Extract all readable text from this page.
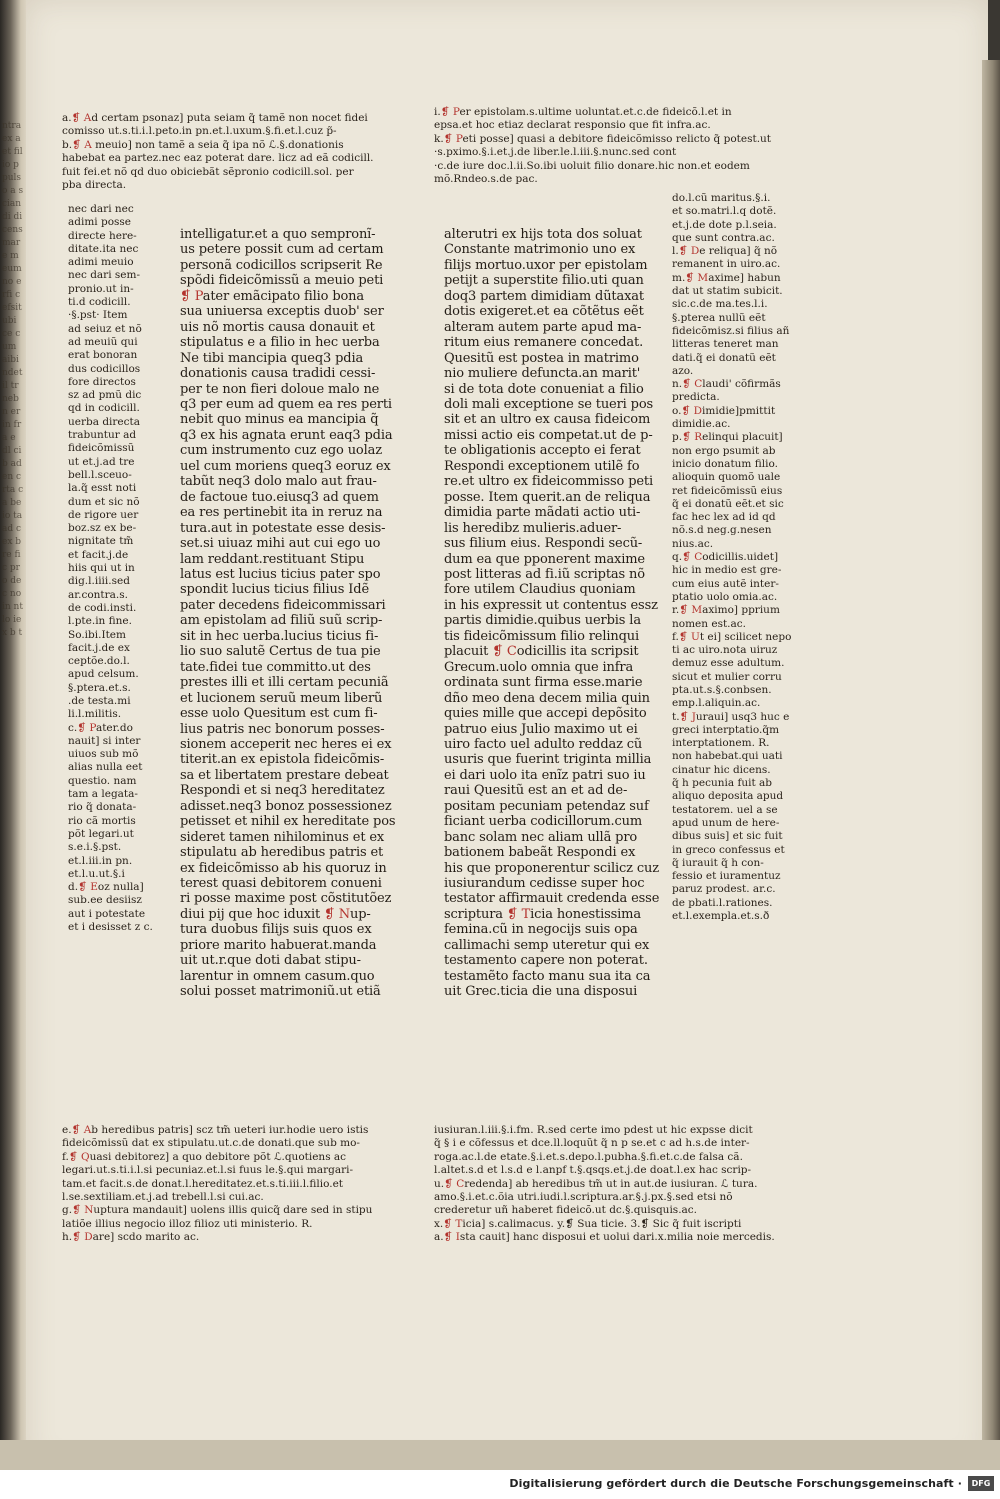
ntra ex aet filio ppulso a sciandi dicens mare meum no erfi cefsit ubi ce cum aibi ndetil tr neb n er in fr a e dl ci b ad en c rta ca be io ta ad c ex b re fic pro de c no in nt lo iex b t
a.❡ Ad certam psonaz] puta seiam q̃ tamẽ non nocet fidei
comisso ut.s.ti.i.l.peto.in pn.et.l.uxum.§.fi.et.l.cuz p̃-
b.❡ A meuio] non tamẽ a seia q̃ ipa nõ ℒ.§.donationis
habebat ea partez.nec eaz poterat dare. licz ad eã codicill.
fuit fei.et nõ qd duo obiciebãt sẽpronio codicill.sol. per
pba directa.
nec dari nec
adimi posse
directe here-
ditate.ita nec
adimi meuio
nec dari sem-
pronio.ut in-
ti.d codicill.
·§.pst· Item
ad seiuz et nõ
ad meuiũ qui
erat bonoran
dus codicillos
fore directos
sz ad pmũ dic
qd in codicill.
uerba directa
trabuntur ad
fideicõmissũ
ut et.j.ad tre
bell.l.sceuo-
la.q̃ esst noti
dum et sic nõ
de rigore uer
boz.sz ex be-
nignitate tm̃
et facit.j.de
hiis qui ut in
dig.l.iiii.sed
ar.contra.s.
de codi.insti.
l.pte.in fine.
So.ibi.Item
facit.j.de ex
ceptõe.do.l.
apud celsum.
§.ptera.et.s.
.de testa.mi
li.l.militis.
c.❡ Pater.do
nauit] si inter
uiuos sub mõ
alias nulla eet
questio. nam
tam a legata-
rio q̃ donata-
rio cã mortis
põt legari.ut
s.e.i.§.pst.
et.l.iii.in pn.
et.l.u.ut.§.i
d.❡ Eoz nulla]
sub.ee desiisz
aut i potestate
et i desisset z c.
intelligatur.et a quo sempronĩ-
us petere possit cum ad certam
personã codicillos scripserit Re
spõdi fideicõmissũ a meuio peti
❡ Pater emãcipato filio bona
sua uniuersa exceptis duob' ser
uis nõ mortis causa donauit et
stipulatus e a filio in hec uerba
Ne tibi mancipia queq3 pdia
donationis causa tradidi cessi-
per te non fieri doloue malo ne
q3 per eum ad quem ea res perti
nebit quo minus ea mancipia q̃
q3 ex his agnata erunt eaq3 pdia
cum instrumento cuz ego uolaz
uel cum moriens queq3 eoruz ex
tabũt neq3 dolo malo aut frau-
de factoue tuo.eiusq3 ad quem
ea res pertinebit ita in reruz na
tura.aut in potestate esse desis-
set.si uiuaz mihi aut cui ego uo
lam reddant.restituant Stipu
latus est lucius ticius pater spo
spondit lucius ticius filius Idẽ
pater decedens fideicommissari
am epistolam ad filiũ suũ scrip-
sit in hec uerba.lucius ticius fi-
lio suo salutẽ Certus de tua pie
tate.fidei tue committo.ut des
prestes illi et illi certam pecuniã
et lucionem seruũ meum liberũ
esse uolo Quesitum est cum fi-
lius patris nec bonorum posses-
sionem acceperit nec heres ei ex
titerit.an ex epistola fideicõmis-
sa et libertatem prestare debeat
Respondi et si neq3 hereditatez
adisset.neq3 bonoz possessionez
petisset et nihil ex hereditate pos
sideret tamen nihilominus et ex
stipulatu ab heredibus patris et
ex fideicõmisso ab his quoruz in
terest quasi debitorem conueni
ri posse maxime post cõstitutõez
diui pij que hoc iduxit ❡ Nup-
tura duobus filijs suis quos ex
priore marito habuerat.manda
uit ut.r.que doti dabat stipu-
larentur in omnem casum.quo
solui posset matrimoniũ.ut etiã
alterutri ex hijs tota dos soluat
Constante matrimonio uno ex
filijs mortuo.uxor per epistolam
petijt a superstite filio.uti quan
doq3 partem dimidiam dũtaxat
dotis exigeret.et ea cõtẽtus eẽt
alteram autem parte apud ma-
ritum eius remanere concedat.
Quesitũ est postea in matrimo
nio muliere defuncta.an marit'
si de tota dote conueniat a filio
doli mali exceptione se tueri pos
sit et an ultro ex causa fideicom
missi actio eis competat.ut de p-
te obligationis accepto ei ferat
Respondi exceptionem utilẽ fo
re.et ultro ex fideicommisso peti
posse. Item querit.an de reliqua
dimidia parte mãdati actio uti-
lis heredibz mulieris.aduer-
sus filium eius. Respondi secũ-
dum ea que pponerent maxime
post litteras ad fi.iũ scriptas nõ
fore utilem Claudius quoniam
in his expressit ut contentus essz
partis dimidie.quibus uerbis la
tis fideicõmissum filio relinqui
placuit ❡ Codicillis ita scripsit
Grecum.uolo omnia que infra
ordinata sunt firma esse.marie
dño meo dena decem milia quin
quies mille que accepi depõsito
patruo eius Julio maximo ut ei
uiro facto uel adulto reddaz cũ
usuris que fuerint triginta millia
ei dari uolo ita enĩz patri suo iu
raui Quesitũ est an et ad de-
positam pecuniam petendaz suf
ficiant uerba codicillorum.cum
banc solam nec aliam ullã pro
bationem babeãt Respondi ex
his que proponerentur scilicz cuz
iusiurandum cedisse super hoc
testator affirmauit credenda esse
scriptura ❡ Ticia honestissima
femina.cũ in negocijs suis opa
callimachi semp uteretur qui ex
testamento capere non poterat.
testamẽto facto manu sua ita ca
uit Grec.ticia die una disposui
i.❡ Per epistolam.s.ultime uoluntat.et.c.de fideicõ.l.et in
epsa.et hoc etiaz declarat responsio que fit infra.ac.
k.❡ Peti posse] quasi a debitore fideicõmisso relicto q̃ potest.ut
·s.pximo.§.i.et.j.de liber.le.l.iii.§.nunc.sed cont
·c.de iure doc.l.ii.So.ibi uoluit filio donare.hic non.et eodem
mõ.Rndeo.s.de pac.
do.l.cũ maritus.§.i.
et so.matri.l.q dotẽ.
et.j.de dote p.l.seia.
que sunt contra.ac.
l.❡ De reliqua] q̃ nõ
remanent in uiro.ac.
m.❡ Maxime] habun
dat ut statim subicit.
sic.c.de ma.tes.l.i.
§.pterea nullũ eẽt
fideicõmisz.si filius añ
litteras teneret man
dati.q̃ ei donatũ eẽt
azo.
n.❡ Claudi' cõfirmãs
predicta.
o.❡ Dimidie]pmittit
dimidie.ac.
p.❡ Relinqui placuit]
non ergo psumit ab
inicio donatum filio.
alioquin quomõ uale
ret fideicõmissũ eius
q̃ ei donatũ eẽt.et sic
fac hec lex ad id qd
nõ.s.d neg.g.nesen
nius.ac.
q.❡ Codicillis.uidet]
hic in medio est gre-
cum eius autẽ inter-
ptatio uolo omia.ac.
r.❡ Maximo] pprium
nomen est.ac.
f.❡ Ut ei] scilicet nepo
ti ac uiro.nota uiruz
demuz esse adultum.
sicut et mulier corru
pta.ut.s.§.conbsen.
emp.l.aliquin.ac.
t.❡ Juraui] usq3 huc e
greci interptatio.q̃m
interptationem. R.
non habebat.qui uati
cinatur hic dicens.
q̃ h pecunia fuit ab
aliquo deposita apud
testatorem. uel a se
apud unum de here-
dibus suis] et sic fuit
in greco confessus et
q̃ iurauit q̃ h con-
fessio et iuramentuz
paruz prodest. ar.c.
de pbati.l.rationes.
et.l.exempla.et.s.ð
e.❡ Ab heredibus patris] scz tm̃ ueteri iur.hodie uero istis
fideicõmissũ dat ex stipulatu.ut.c.de donati.que sub mo-
f.❡ Quasi debitorez] a quo debitore põt ℒ.quotiens ac
legari.ut.s.ti.i.l.si pecuniaz.et.l.si fuus le.§.qui margari-
tam.et facit.s.de donat.l.hereditatez.et.s.ti.iii.l.filio.et
l.se.sextiliam.et.j.ad trebell.l.si cui.ac.
g.❡ Nuptura mandauit] uolens illis quicq̃ dare sed in stipu
latiõe illius negocio illoz filioz uti ministerio. R.
h.❡ Dare] scdo marito ac.
iusiuran.l.iii.§.i.fm. R.sed certe imo pdest ut hic expsse dicit
q̃ § i e cõfessus et dce.ll.loquũt q̃ n p se.et c ad h.s.de inter-
roga.ac.l.de etate.§.i.et.s.depo.l.pubha.§.fi.et.c.de falsa cã.
l.altet.s.d et l.s.d e l.anpf t.§.qsqs.et.j.de doat.l.ex hac scrip-
u.❡ Credenda] ab heredibus tm̃ ut in aut.de iusiuran. ℒ tura.
amo.§.i.et.c.õia utri.iudi.l.scriptura.ar.§.j.px.§.sed etsi nõ
crederetur uñ haberet fideicõ.ut dc.§.quisquis.ac.
x.❡ Ticia] s.calimacus. y.❡ Sua ticie. 3.❡ Sic q̃ fuit iscripti
a.❡ Ista cauit] hanc disposui et uolui dari.x.milia noie mercedis.
Digitalisierung gefördert durch die Deutsche Forschungsgemeinschaft ·	DFG
